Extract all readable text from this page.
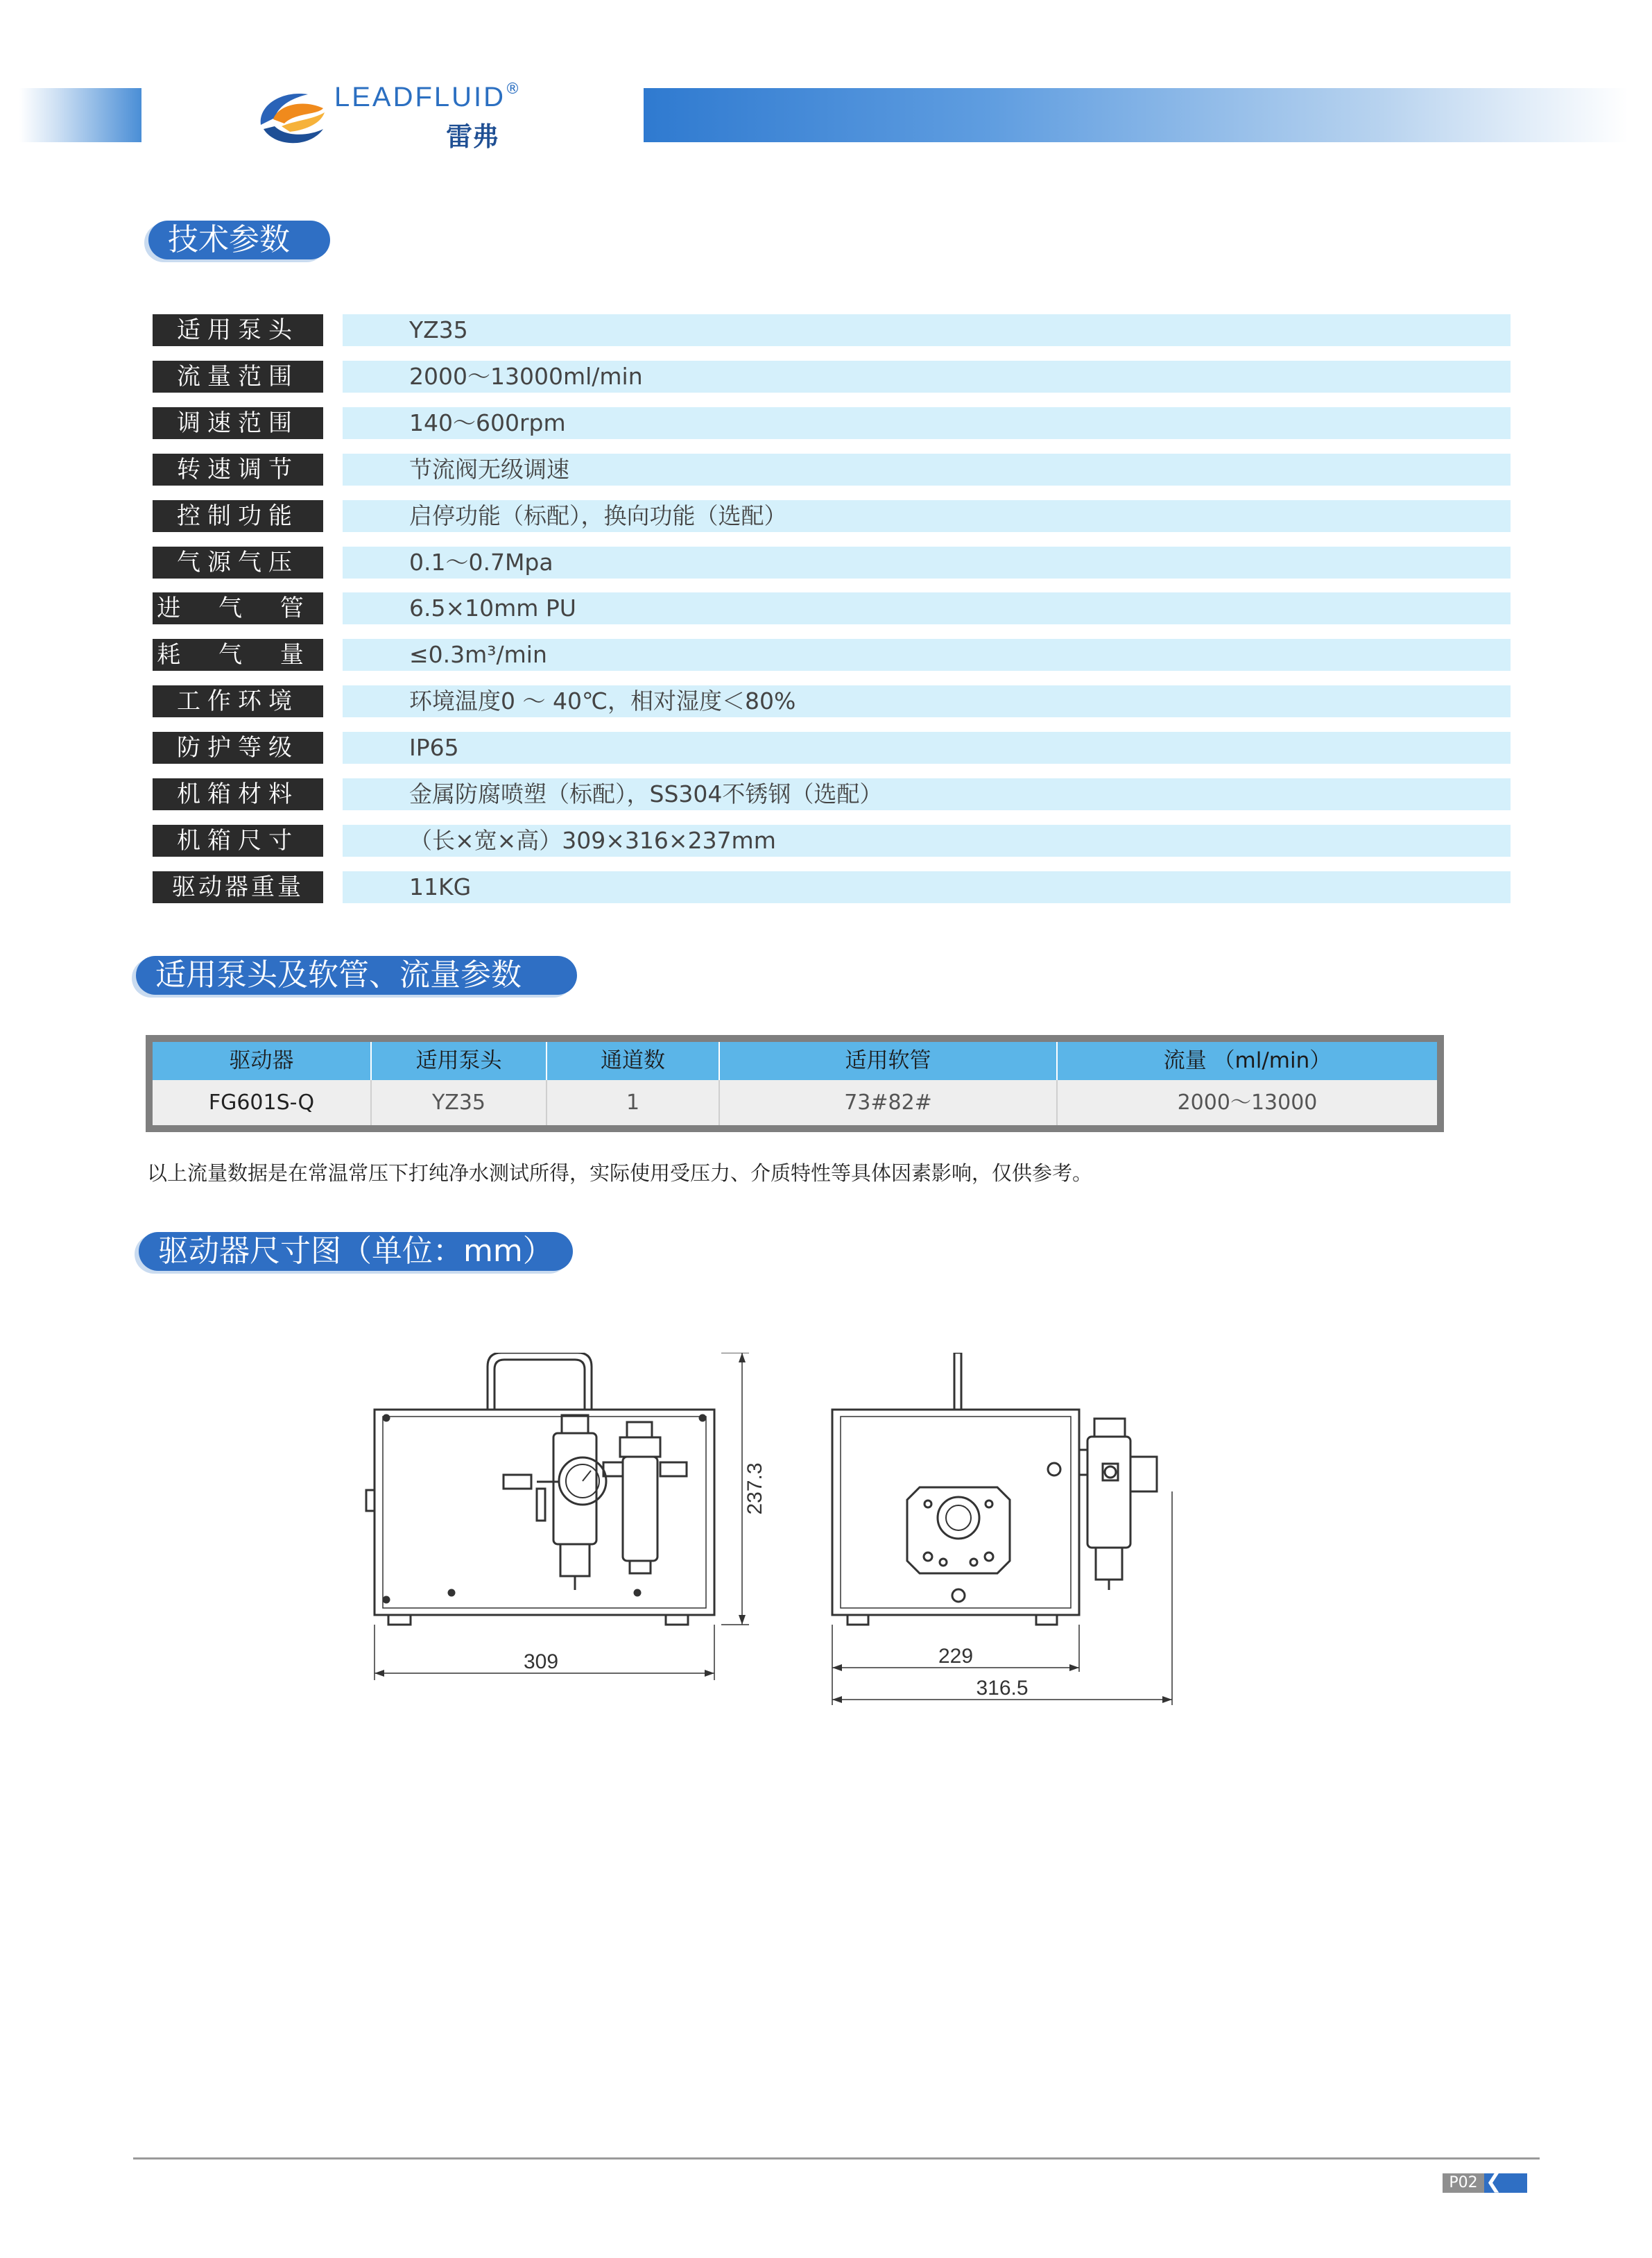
LEADFLUID
®
雷弗
技术参数
适用泵头	YZ35
流量范围	2000～13000ml/min
调速范围	140～600rpm
转速调节	节流阀无级调速
控制功能	启停功能（标配），换向功能（选配）
气源气压	0.1～0.7Mpa
进 气 管	6.5×10mm PU
耗 气 量	≤0.3m³/min
工作环境	环境温度0 ～ 40℃，相对湿度＜80%
防护等级	IP65
机箱材料	金属防腐喷塑（标配），SS304不锈钢（选配）
机箱尺寸	（长×宽×高）309×316×237mm
驱动器重量	11KG
适用泵头及软管、流量参数
驱动器	适用泵头	通道数	适用软管	流量 （ml/min）
FG601S-Q	YZ35	1	73#82#	2000～13000
以上流量数据是在常温常压下打纯净水测试所得，实际使用受压力、介质特性等具体因素影响，仅供参考。
驱动器尺寸图（单位：mm）
309
237.3
229
316.5
P02 ❮
